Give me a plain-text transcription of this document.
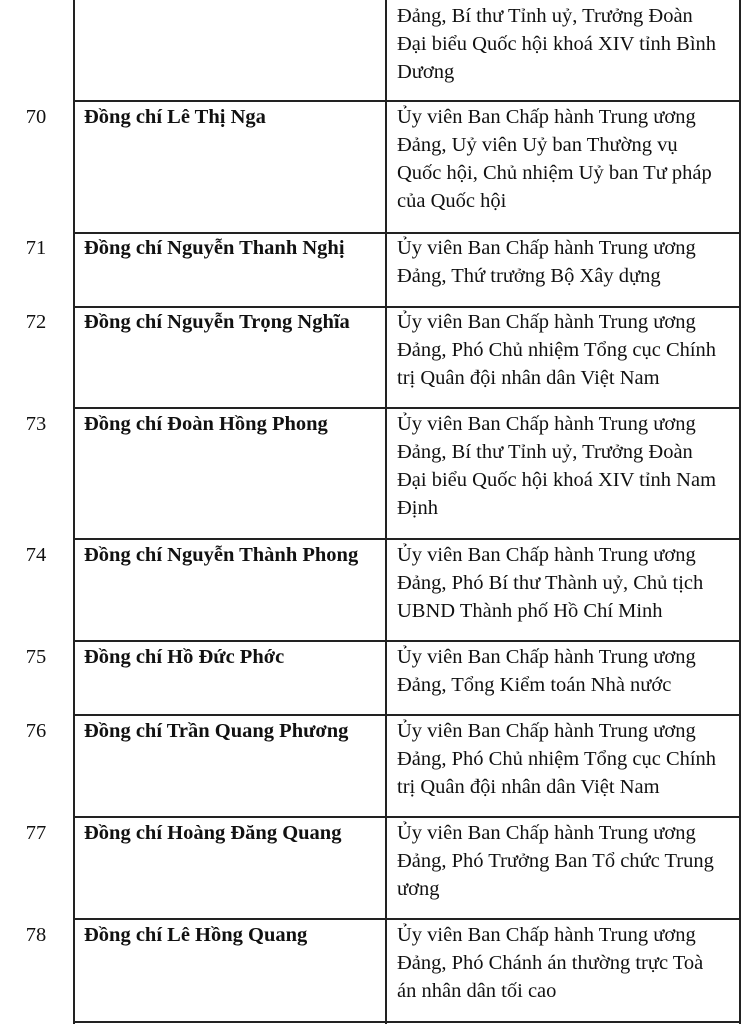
Đảng, Bí thư Tỉnh uỷ, Trưởng Đoàn
Đại biểu Quốc hội khoá XIV tỉnh Bình
Dương
70 Đồng chí Lê Thị Nga	Ủy viên Ban Chấp hành Trung ương
Đảng, Uỷ viên Uỷ ban Thường vụ
Quốc hội, Chủ nhiệm Uỷ ban Tư pháp
của Quốc hội
71 Đồng chí Nguyễn Thanh Nghị	Ủy viên Ban Chấp hành Trung ương
Đảng, Thứ trưởng Bộ Xây dựng
72 Đồng chí Nguyễn Trọng Nghĩa	Ủy viên Ban Chấp hành Trung ương
Đảng, Phó Chủ nhiệm Tổng cục Chính
trị Quân đội nhân dân Việt Nam
73 Đồng chí Đoàn Hồng Phong	Ủy viên Ban Chấp hành Trung ương
Đảng, Bí thư Tỉnh uỷ, Trưởng Đoàn
Đại biểu Quốc hội khoá XIV tỉnh Nam
Định
74 Đồng chí Nguyễn Thành Phong	Ủy viên Ban Chấp hành Trung ương
Đảng, Phó Bí thư Thành uỷ, Chủ tịch
UBND Thành phố Hồ Chí Minh
75 Đồng chí Hồ Đức Phớc	Ủy viên Ban Chấp hành Trung ương
Đảng, Tổng Kiểm toán Nhà nước
76 Đồng chí Trần Quang Phương	Ủy viên Ban Chấp hành Trung ương
Đảng, Phó Chủ nhiệm Tổng cục Chính
trị Quân đội nhân dân Việt Nam
77 Đồng chí Hoàng Đăng Quang	Ủy viên Ban Chấp hành Trung ương
Đảng, Phó Trưởng Ban Tổ chức Trung
ương
78 Đồng chí Lê Hồng Quang	Ủy viên Ban Chấp hành Trung ương
Đảng, Phó Chánh án thường trực Toà
án nhân dân tối cao
